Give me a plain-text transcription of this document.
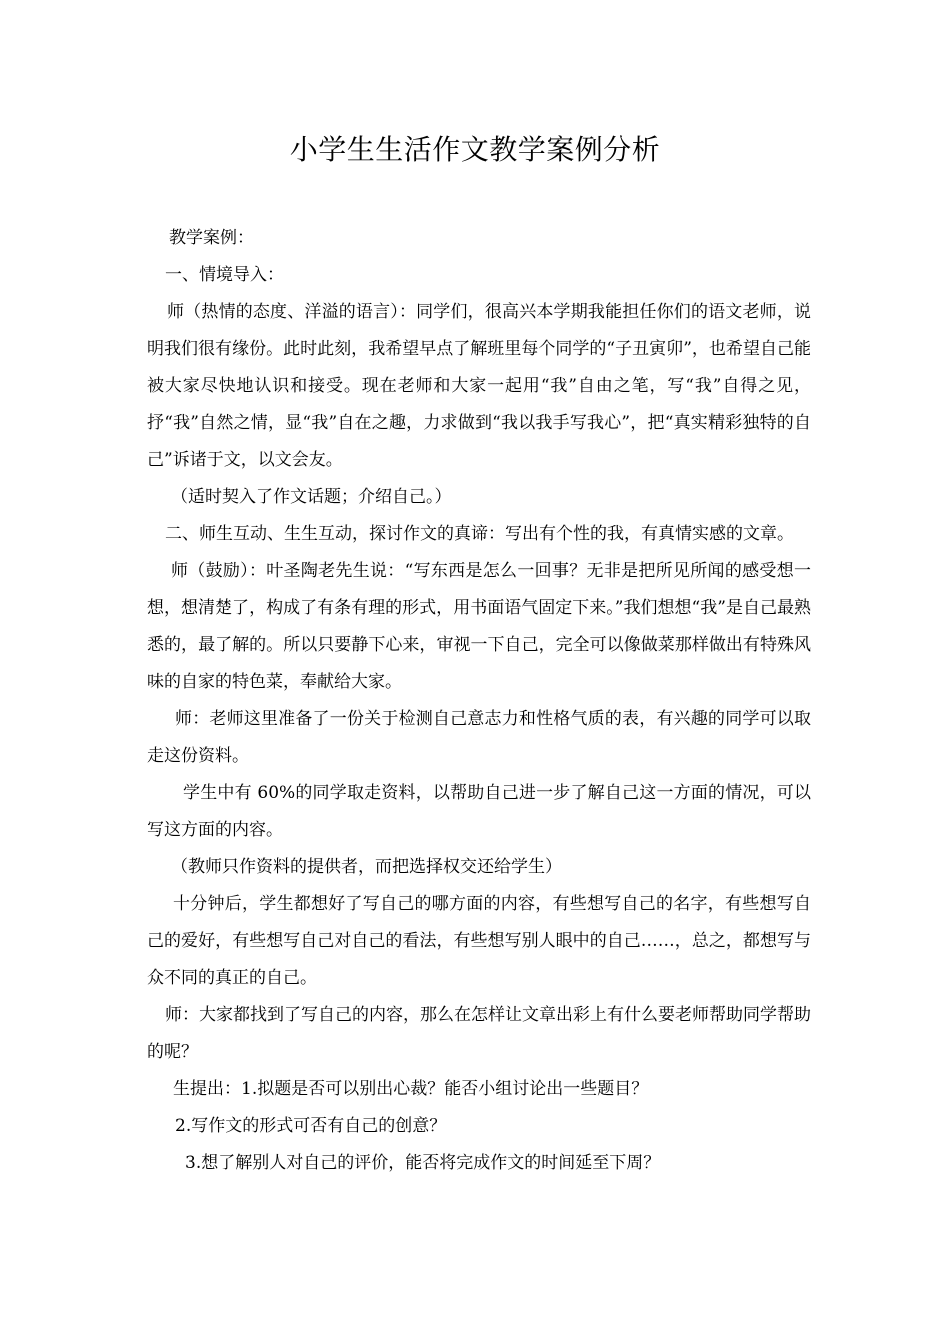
小学生生活作文教学案例分析

教学案例：

一、情境导入：

师（热情的态度、洋溢的语言）：同学们，很高兴本学期我能担任你们的语文老师，说明我们很有缘份。此时此刻，我希望早点了解班里每个同学的“子丑寅卯”，也希望自己能被大家尽快地认识和接受。现在老师和大家一起用“我”自由之笔，写“我”自得之见，抒“我”自然之情，显“我”自在之趣，力求做到“我以我手写我心”，把“真实精彩独特的自己”诉诸于文，以文会友。

（适时契入了作文话题；介绍自己。）

二、师生互动、生生互动，探讨作文的真谛：写出有个性的我，有真情实感的文章。

师（鼓励）：叶圣陶老先生说：“写东西是怎么一回事？无非是把所见所闻的感受想一想，想清楚了，构成了有条有理的形式，用书面语气固定下来。”我们想想“我”是自己最熟悉的，最了解的。所以只要静下心来，审视一下自己，完全可以像做菜那样做出有特殊风味的自家的特色菜，奉献给大家。

师：老师这里准备了一份关于检测自己意志力和性格气质的表，有兴趣的同学可以取走这份资料。

学生中有 60%的同学取走资料，以帮助自己进一步了解自己这一方面的情况，可以写这方面的内容。

（教师只作资料的提供者，而把选择权交还给学生）

十分钟后，学生都想好了写自己的哪方面的内容，有些想写自己的名字，有些想写自己的爱好，有些想写自己对自己的看法，有些想写别人眼中的自己……，总之，都想写与众不同的真正的自己。

师：大家都找到了写自己的内容，那么在怎样让文章出彩上有什么要老师帮助同学帮助的呢？

生提出：1.拟题是否可以别出心裁？能否小组讨论出一些题目？

2.写作文的形式可否有自己的创意？

3.想了解别人对自己的评价，能否将完成作文的时间延至下周？
